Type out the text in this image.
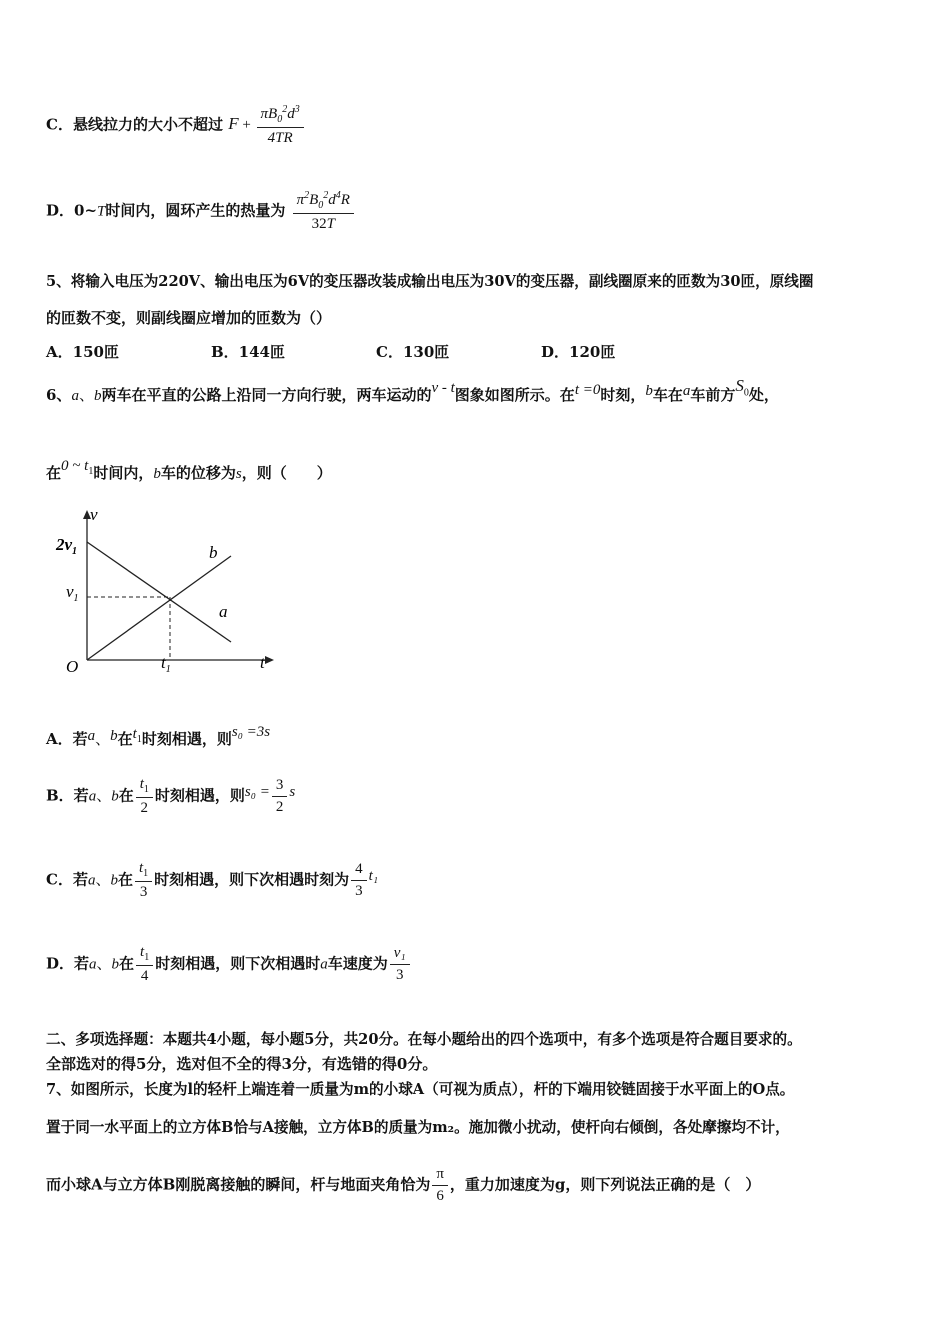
C．悬线拉力的大小不超过 $F + \frac{\pi B_0^2d^3}{4TR}$
D．0~T时间内，圆环产生的热量为 $\frac{\pi^2B_0^2d^4R}{32T}$
5、将输入电压为220V、输出电压为6V的变压器改装成输出电压为30V的变压器，副线圈原来的匝数为30匝，原线圈
的匝数不变，则副线圈应增加的匝数为（）
A．150匝	B．144匝	C．130匝	D．120匝
6、a、b两车在平直的公路上沿同一方向行驶，两车运动的v - t图象如图所示。在t =0时刻，b车在a车前方$S_0$处，
在0 ~ $t_1$时间内，b车的位移为s，则（　　）
v
t
O
$2v_1$
$v_1$
$t_1$
b
a
A．若a、b在$t_1$时刻相遇，则s₀ =3s
B．若a、b在 $\frac{t_1}{2}$ 时刻相遇，则$s_0 = \frac{3}{2}$ s
C．若a、b在 $\frac{t_1}{3}$ 时刻相遇，则下次相遇时刻为 $\frac{4}{3} t_1$
D．若a、b在 $\frac{t_1}{4}$ 时刻相遇，则下次相遇时a车速度为 $\frac{\text{v₁}}{3}$
二、多项选择题：本题共4小题，每小题5分，共20分。在每小题给出的四个选项中，有多个选项是符合题目要求的。
全部选对的得5分，选对但不全的得3分，有选错的得0分。
7、如图所示，长度为l的轻杆上端连着一质量为m的小球A（可视为质点），杆的下端用铰链固接于水平面上的O点。
置于同一水平面上的立方体B恰与A接触，立方体B的质量为m₂。施加微小扰动，使杆向右倾倒，各处摩擦均不计，
而小球A与立方体B刚脱离接触的瞬间，杆与地面夹角恰为 $\frac{\pi}{6}$ ，重力加速度为g，则下列说法正确的是（　）
